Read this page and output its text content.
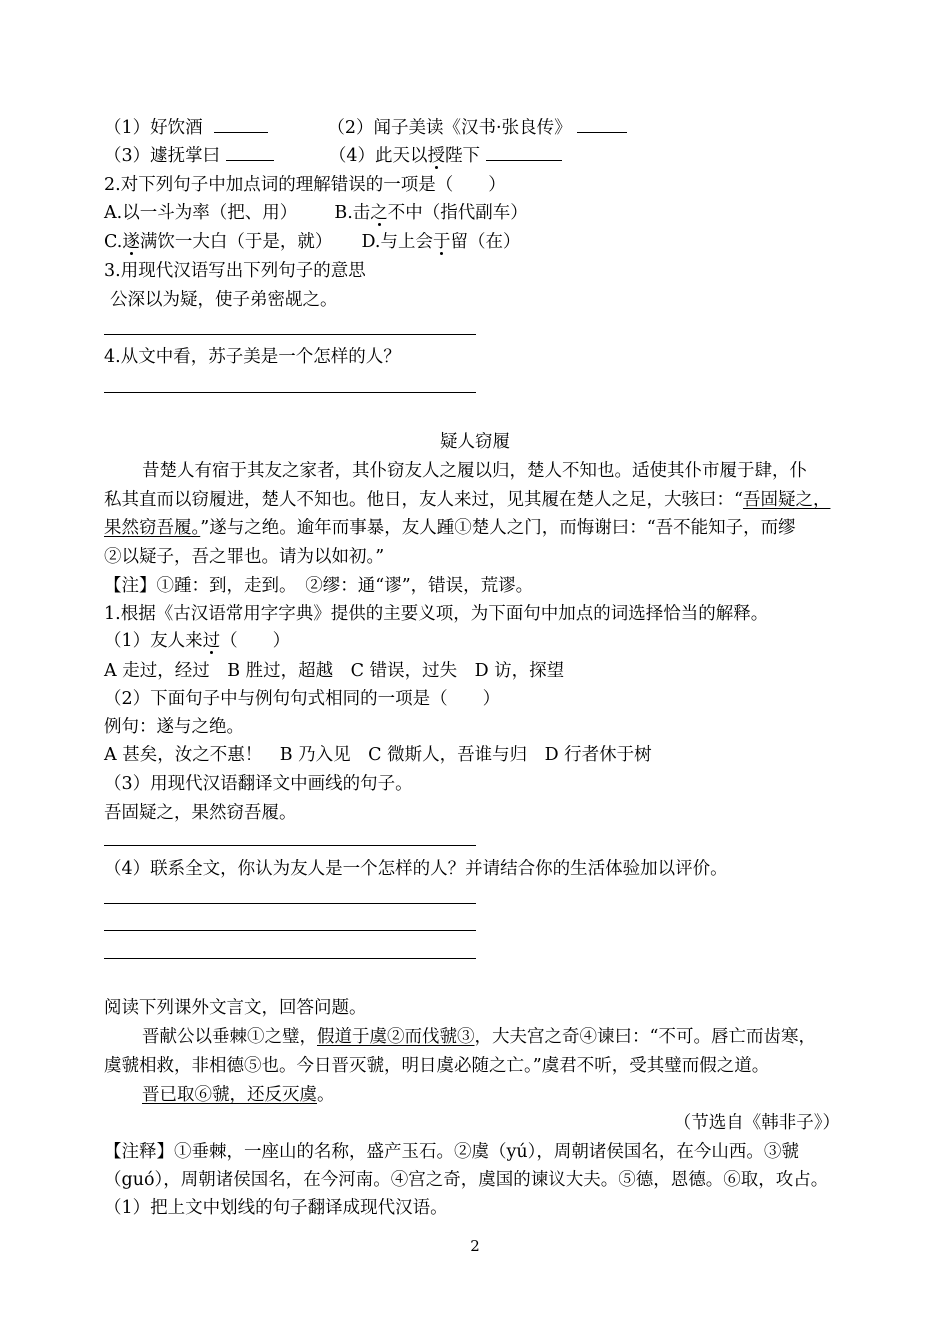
（1）好饮酒	（2）闻子美读《汉书·张良传》
（3）遽抚掌曰	（4）此天以授陛下
2.对下列句子中加点词的理解错误的一项是（　　）
A.以一斗为率（把、用） B.击之不中（指代副车）
C.遂满饮一大白（于是，就） D.与上会于留（在）
3.用现代汉语写出下列句子的意思
公深以为疑，使子弟密觇之。
4.从文中看，苏子美是一个怎样的人？
疑人窃履
昔楚人有宿于其友之家者，其仆窃友人之履以归，楚人不知也。适使其仆市履于肆，仆
私其直而以窃履进，楚人不知也。他日，友人来过，见其履在楚人之足，大骇曰：“吾固疑之，
果然窃吾履。”遂与之绝。逾年而事暴，友人踵①楚人之门，而悔谢曰：“吾不能知子，而缪
②以疑子，吾之罪也。请为以如初。”
【注】①踵：到，走到。　②缪：通“谬”，错误，荒谬。
1.根据《古汉语常用字字典》提供的主要义项，为下面句中加点的词选择恰当的解释。
（1）友人来过（　　）
A 走过，经过　B 胜过，超越　C 错误，过失　D 访，探望
（2）下面句子中与例句句式相同的一项是（　　）
例句：遂与之绝。
A 甚矣，汝之不惠！　B 乃入见　C 微斯人，吾谁与归　D 行者休于树
（3）用现代汉语翻译文中画线的句子。
吾固疑之，果然窃吾履。
（4）联系全文，你认为友人是一个怎样的人？并请结合你的生活体验加以评价。
阅读下列课外文言文，回答问题。
晋献公以垂棘①之璧，假道于虞②而伐虢③，大夫宫之奇④谏曰：“不可。唇亡而齿寒，
虞虢相救，非相德⑤也。今日晋灭虢，明日虞必随之亡。”虞君不听，受其璧而假之道。
晋已取⑥虢，还反灭虞。
（节选自《韩非子》）
【注释】①垂棘，一座山的名称，盛产玉石。②虞（yú），周朝诸侯国名，在今山西。③虢
（guó），周朝诸侯国名，在今河南。④宫之奇，虞国的谏议大夫。⑤德，恩德。⑥取，攻占。
（1）把上文中划线的句子翻译成现代汉语。
2
